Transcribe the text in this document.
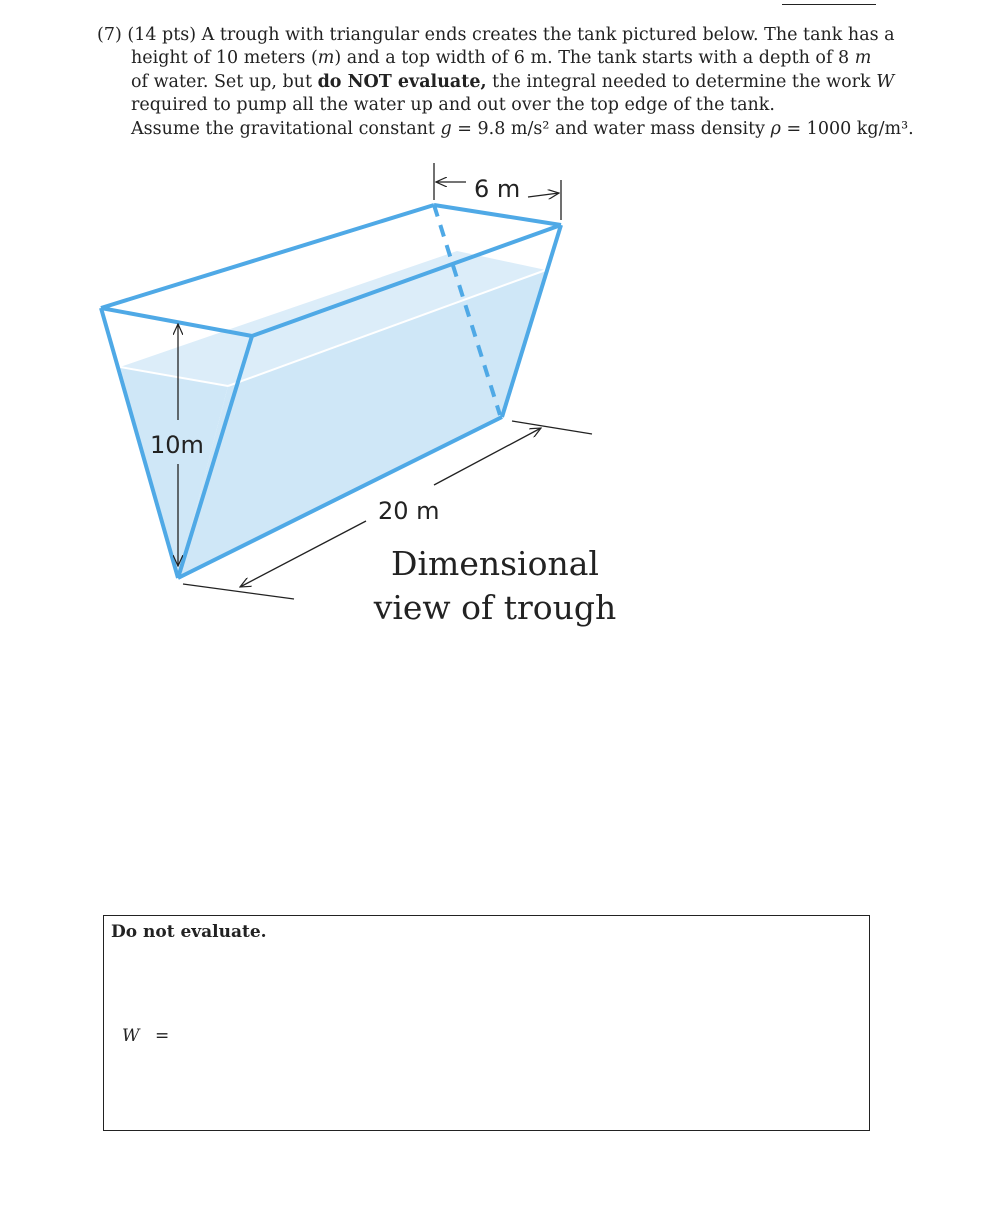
(7) (14 pts) A trough with triangular ends creates the tank pictured below. The tank has a
height of 10 meters (m) and a top width of 6 m. The tank starts with a depth of 8 m
of water. Set up, but do NOT evaluate, the integral needed to determine the work W
required to pump all the water up and out over the top edge of the tank.
Assume the gravitational constant g = 9.8 m/s² and water mass density ρ = 1000 kg/m³.
6 m
10m
20 m
Dimensional
view of trough
Do not evaluate.
W =
